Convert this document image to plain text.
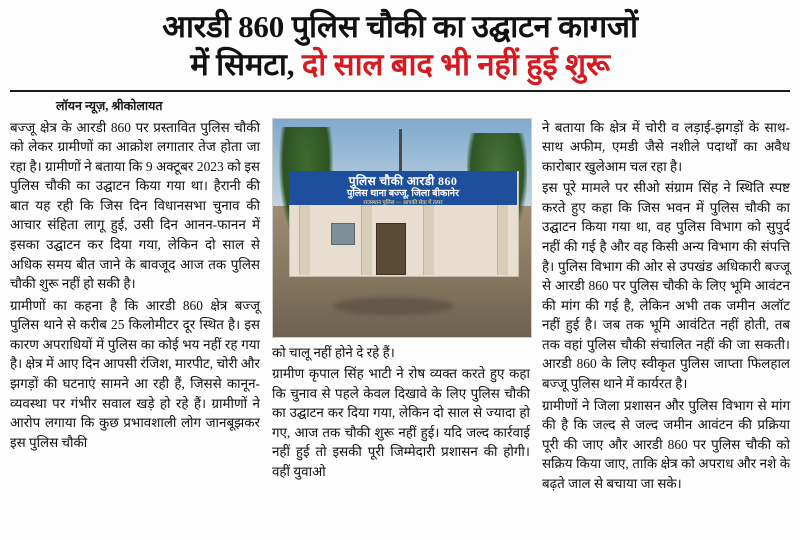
आरडी 860 पुलिस चौकी का उद्घाटन कागजों
में सिमटा, दो साल बाद भी नहीं हुई शुरू
लॉयन न्यूज़, श्रीकोलायत

बज्जू क्षेत्र के आरडी 860 पर प्रस्तावित पुलिस चौकी को लेकर ग्रामीणों का आक्रोश लगातार तेज होता जा रहा है। ग्रामीणों ने बताया कि 9 अक्टूबर 2023 को इस पुलिस चौकी का उद्घाटन किया गया था। हैरानी की बात यह रही कि जिस दिन विधानसभा चुनाव की आचार संहिता लागू हुई, उसी दिन आनन-फानन में इसका उद्घाटन कर दिया गया, लेकिन दो साल से अधिक समय बीत जाने के बावजूद आज तक पुलिस चौकी शुरू नहीं हो सकी है।

ग्रामीणों का कहना है कि आरडी 860 क्षेत्र बज्जू पुलिस थाने से करीब 25 किलोमीटर दूर स्थित है। इस कारण अपराधियों में पुलिस का कोई भय नहीं रह गया है। क्षेत्र में आए दिन आपसी रंजिश, मारपीट, चोरी और झगड़ों की घटनाएं सामने आ रही हैं, जिससे कानून-व्यवस्था पर गंभीर सवाल खड़े हो रहे हैं। ग्रामीणों ने आरोप लगाया कि कुछ प्रभावशाली लोग जानबूझकर इस पुलिस चौकी

पुलिस चौकी आरडी 860
पुलिस थाना बज्जू, जिला बीकानेर
राजस्थान पुलिस — आपकी सेवा में तत्पर

को चालू नहीं होने दे रहे हैं।

ग्रामीण कृपाल सिंह भाटी ने रोष व्यक्त करते हुए कहा कि चुनाव से पहले केवल दिखावे के लिए पुलिस चौकी का उद्घाटन कर दिया गया, लेकिन दो साल से ज्यादा हो गए, आज तक चौकी शुरू नहीं हुई। यदि जल्द कार्रवाई नहीं हुई तो इसकी पूरी जिम्मेदारी प्रशासन की होगी। वहीं युवाओ

ने बताया कि क्षेत्र में चोरी व लड़ाई-झगड़ों के साथ-साथ अफीम, एमडी जैसे नशीले पदार्थों का अवैध कारोबार खुलेआम चल रहा है।

इस पूरे मामले पर सीओ संग्राम सिंह ने स्थिति स्पष्ट करते हुए कहा कि जिस भवन में पुलिस चौकी का उद्घाटन किया गया था, वह पुलिस विभाग को सुपुर्द नहीं की गई है और वह किसी अन्य विभाग की संपत्ति है। पुलिस विभाग की ओर से उपखंड अधिकारी बज्जू से आरडी 860 पर पुलिस चौकी के लिए भूमि आवंटन की मांग की गई है, लेकिन अभी तक जमीन अलॉट नहीं हुई है। जब तक भूमि आवंटित नहीं होती, तब तक वहां पुलिस चौकी संचालित नहीं की जा सकती। आरडी 860 के लिए स्वीकृत पुलिस जाप्ता फिलहाल बज्जू पुलिस थाने में कार्यरत है।

ग्रामीणों ने जिला प्रशासन और पुलिस विभाग से मांग की है कि जल्द से जल्द जमीन आवंटन की प्रक्रिया पूरी की जाए और आरडी 860 पर पुलिस चौकी को सक्रिय किया जाए, ताकि क्षेत्र को अपराध और नशे के बढ़ते जाल से बचाया जा सके।
